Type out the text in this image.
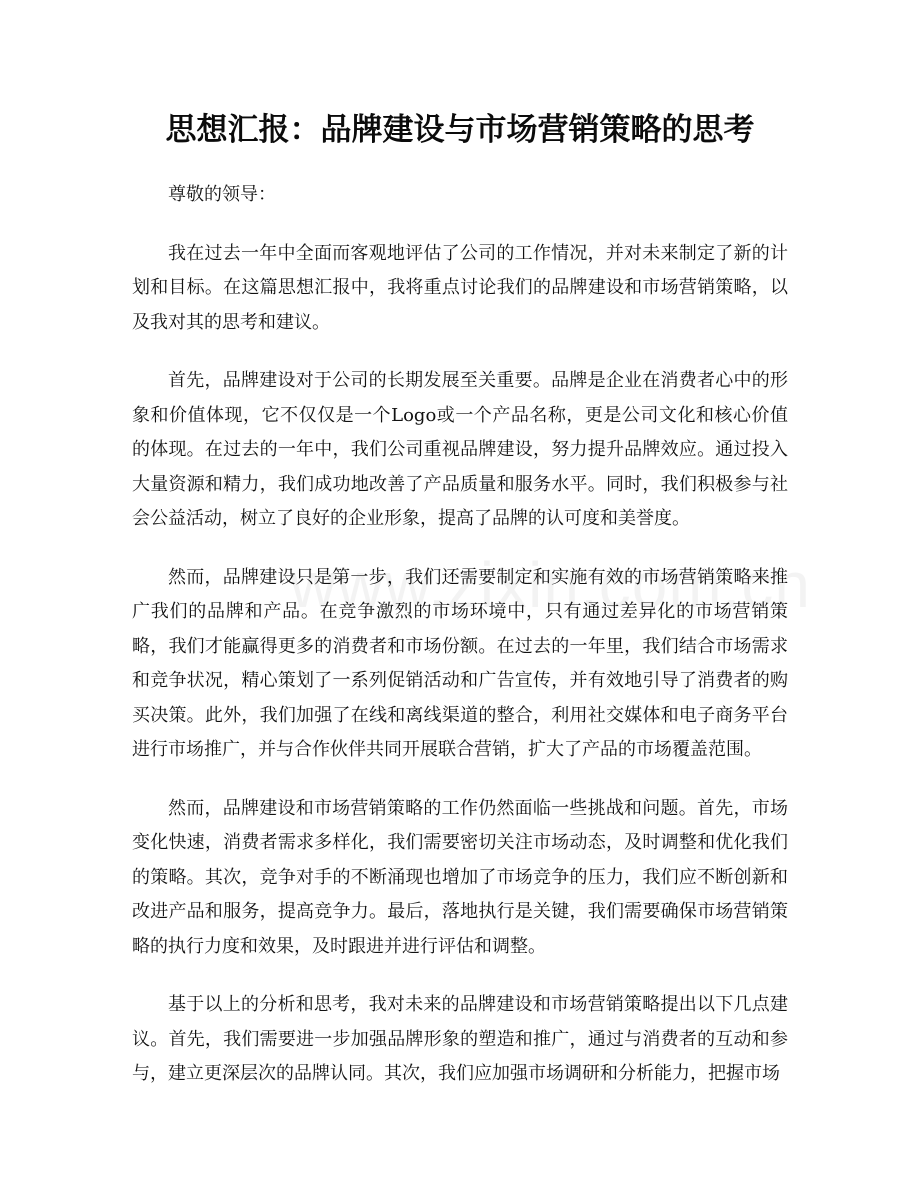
思想汇报：品牌建设与市场营销策略的思考

尊敬的领导：

我在过去一年中全面而客观地评估了公司的工作情况，并对未来制定了新的计划和目标。在这篇思想汇报中，我将重点讨论我们的品牌建设和市场营销策略，以及我对其的思考和建议。

首先，品牌建设对于公司的长期发展至关重要。品牌是企业在消费者心中的形象和价值体现，它不仅仅是一个Logo或一个产品名称，更是公司文化和核心价值的体现。在过去的一年中，我们公司重视品牌建设，努力提升品牌效应。通过投入大量资源和精力，我们成功地改善了产品质量和服务水平。同时，我们积极参与社会公益活动，树立了良好的企业形象，提高了品牌的认可度和美誉度。

然而，品牌建设只是第一步，我们还需要制定和实施有效的市场营销策略来推广我们的品牌和产品。在竞争激烈的市场环境中，只有通过差异化的市场营销策略，我们才能赢得更多的消费者和市场份额。在过去的一年里，我们结合市场需求和竞争状况，精心策划了一系列促销活动和广告宣传，并有效地引导了消费者的购买决策。此外，我们加强了在线和离线渠道的整合，利用社交媒体和电子商务平台进行市场推广，并与合作伙伴共同开展联合营销，扩大了产品的市场覆盖范围。

然而，品牌建设和市场营销策略的工作仍然面临一些挑战和问题。首先，市场变化快速，消费者需求多样化，我们需要密切关注市场动态，及时调整和优化我们的策略。其次，竞争对手的不断涌现也增加了市场竞争的压力，我们应不断创新和改进产品和服务，提高竞争力。最后，落地执行是关键，我们需要确保市场营销策略的执行力度和效果，及时跟进并进行评估和调整。

基于以上的分析和思考，我对未来的品牌建设和市场营销策略提出以下几点建议。首先，我们需要进一步加强品牌形象的塑造和推广，通过与消费者的互动和参与，建立更深层次的品牌认同。其次，我们应加强市场调研和分析能力，把握市场
